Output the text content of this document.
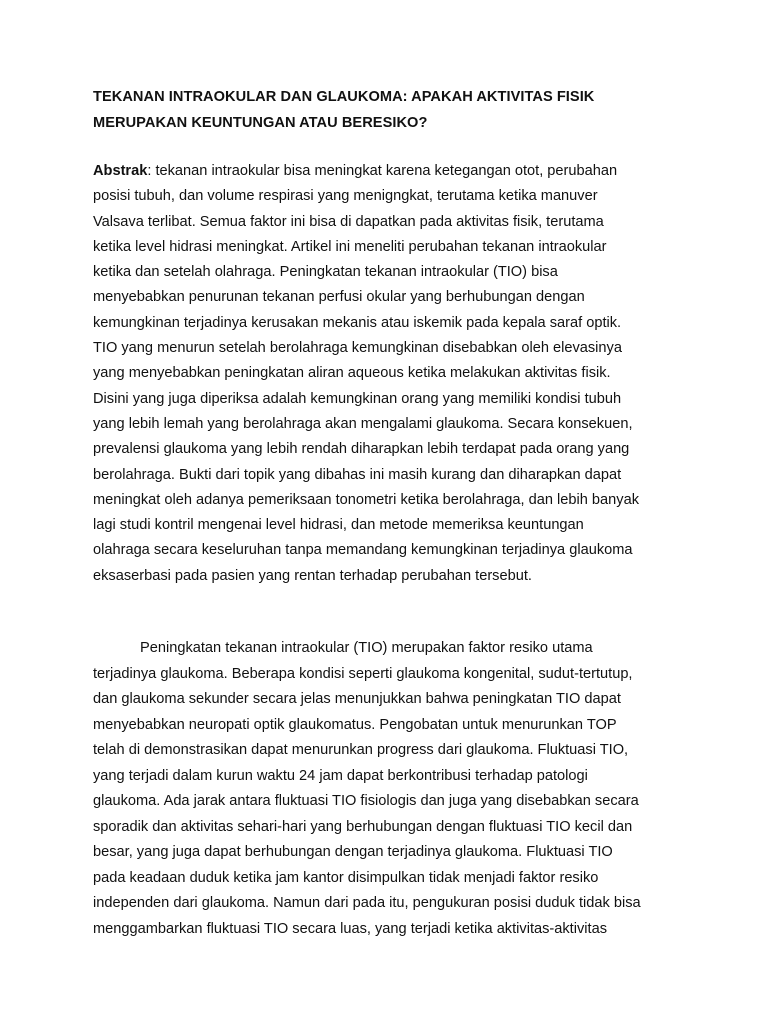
TEKANAN INTRAOKULAR DAN GLAUKOMA: APAKAH AKTIVITAS FISIK
MERUPAKAN KEUNTUNGAN ATAU BERESIKO?
Abstrak: tekanan intraokular bisa meningkat karena ketegangan otot, perubahan
posisi tubuh, dan volume respirasi yang menigngkat, terutama ketika manuver
Valsava terlibat. Semua faktor ini bisa di dapatkan pada aktivitas fisik, terutama
ketika level hidrasi meningkat. Artikel ini meneliti perubahan tekanan intraokular
ketika dan setelah olahraga. Peningkatan tekanan intraokular (TIO) bisa
menyebabkan penurunan tekanan perfusi okular yang berhubungan dengan
kemungkinan terjadinya kerusakan mekanis atau iskemik pada kepala saraf optik.
TIO yang menurun setelah berolahraga kemungkinan disebabkan oleh elevasinya
yang menyebabkan peningkatan aliran aqueous ketika melakukan aktivitas fisik.
Disini yang juga diperiksa adalah kemungkinan orang yang memiliki kondisi tubuh
yang lebih lemah yang berolahraga akan mengalami glaukoma. Secara konsekuen,
prevalensi glaukoma yang lebih rendah diharapkan lebih terdapat pada orang yang
berolahraga. Bukti dari topik yang dibahas ini masih kurang dan diharapkan dapat
meningkat oleh adanya pemeriksaan tonometri ketika berolahraga, dan lebih banyak
lagi studi kontril mengenai level hidrasi, dan metode memeriksa keuntungan
olahraga secara keseluruhan tanpa memandang kemungkinan terjadinya glaukoma
eksaserbasi pada pasien yang rentan terhadap perubahan tersebut.
Peningkatan tekanan intraokular (TIO) merupakan faktor resiko utama
terjadinya glaukoma. Beberapa kondisi seperti glaukoma kongenital, sudut-tertutup,
dan glaukoma sekunder secara jelas menunjukkan bahwa peningkatan TIO dapat
menyebabkan neuropati optik glaukomatus. Pengobatan untuk menurunkan TOP
telah di demonstrasikan dapat menurunkan progress dari glaukoma. Fluktuasi TIO,
yang terjadi dalam kurun waktu 24 jam dapat berkontribusi terhadap patologi
glaukoma. Ada jarak antara fluktuasi TIO fisiologis dan juga yang disebabkan secara
sporadik dan aktivitas sehari-hari yang berhubungan dengan fluktuasi TIO kecil dan
besar, yang juga dapat berhubungan dengan terjadinya glaukoma. Fluktuasi TIO
pada keadaan duduk ketika jam kantor disimpulkan tidak menjadi faktor resiko
independen dari glaukoma. Namun dari pada itu, pengukuran posisi duduk tidak bisa
menggambarkan fluktuasi TIO secara luas, yang terjadi ketika aktivitas-aktivitas
